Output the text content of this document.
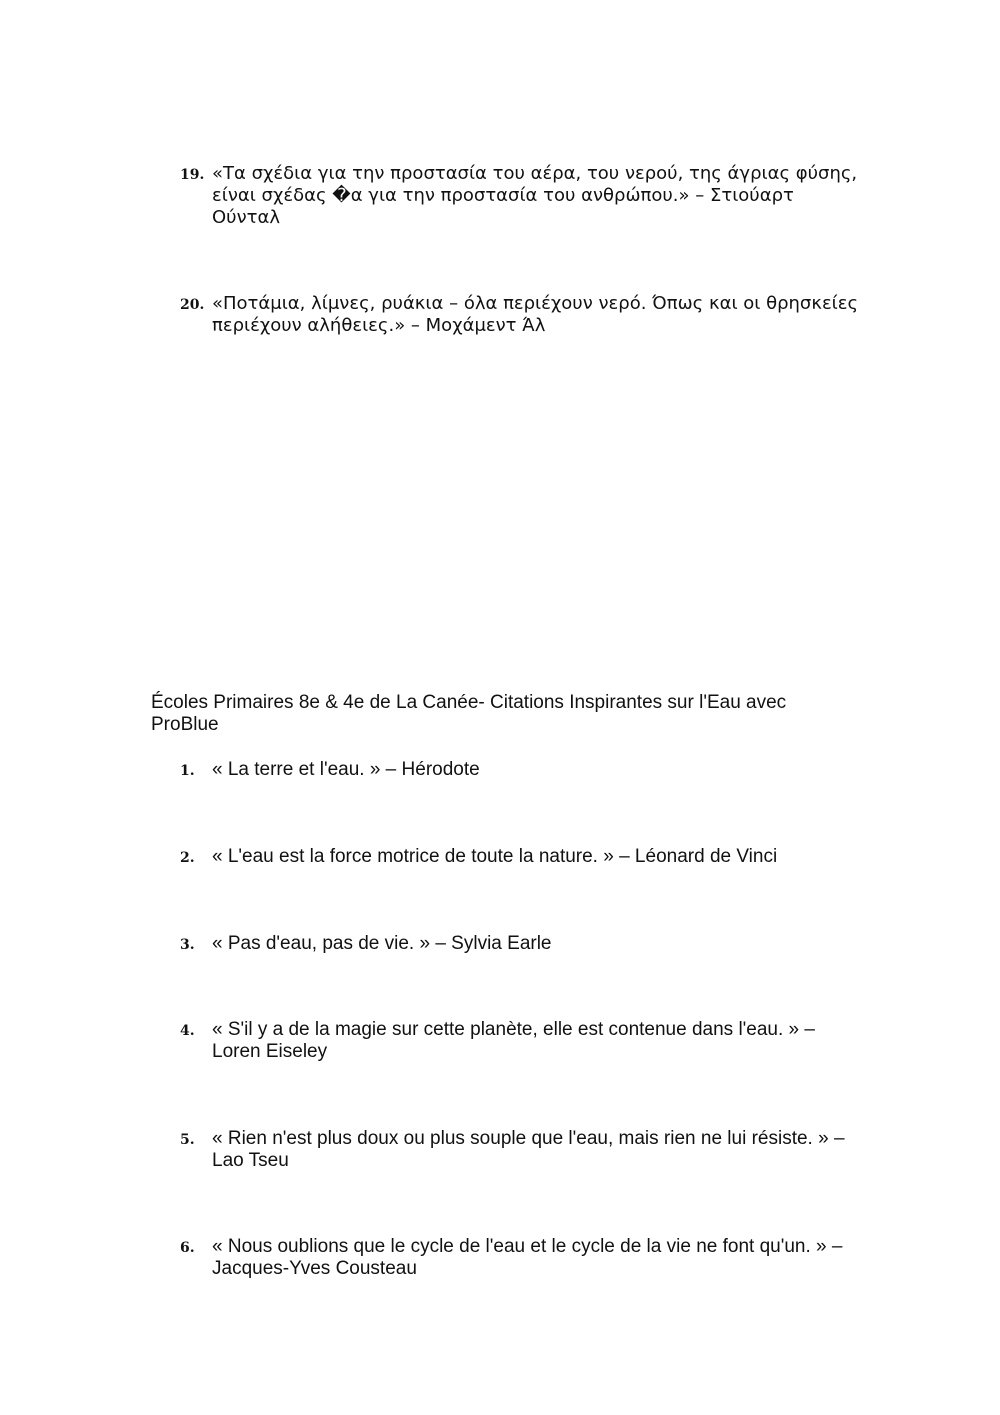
19. «Τα σχέδια για την προστασία του αέρα, του νερού, της άγριας φύσης, είναι σχέδας �α για την προστασία του ανθρώπου.» – Στιούαρτ Ούνταλ
20. «Ποτάμια, λίμνες, ρυάκια – όλα περιέχουν νερό. Όπως και οι θρησκείες περιέχουν αλήθειες.» – Μοχάμεντ Άλ
Écoles Primaires 8e & 4e de La Canée- Citations Inspirantes sur l'Eau avec ProBlue
1. « La terre et l'eau. » – Hérodote
2. « L'eau est la force motrice de toute la nature. » – Léonard de Vinci
3. « Pas d'eau, pas de vie. » – Sylvia Earle
4. « S'il y a de la magie sur cette planète, elle est contenue dans l'eau. » – Loren Eiseley
5. « Rien n'est plus doux ou plus souple que l'eau, mais rien ne lui résiste. » – Lao Tseu
6. « Nous oublions que le cycle de l'eau et le cycle de la vie ne font qu'un. » – Jacques-Yves Cousteau
